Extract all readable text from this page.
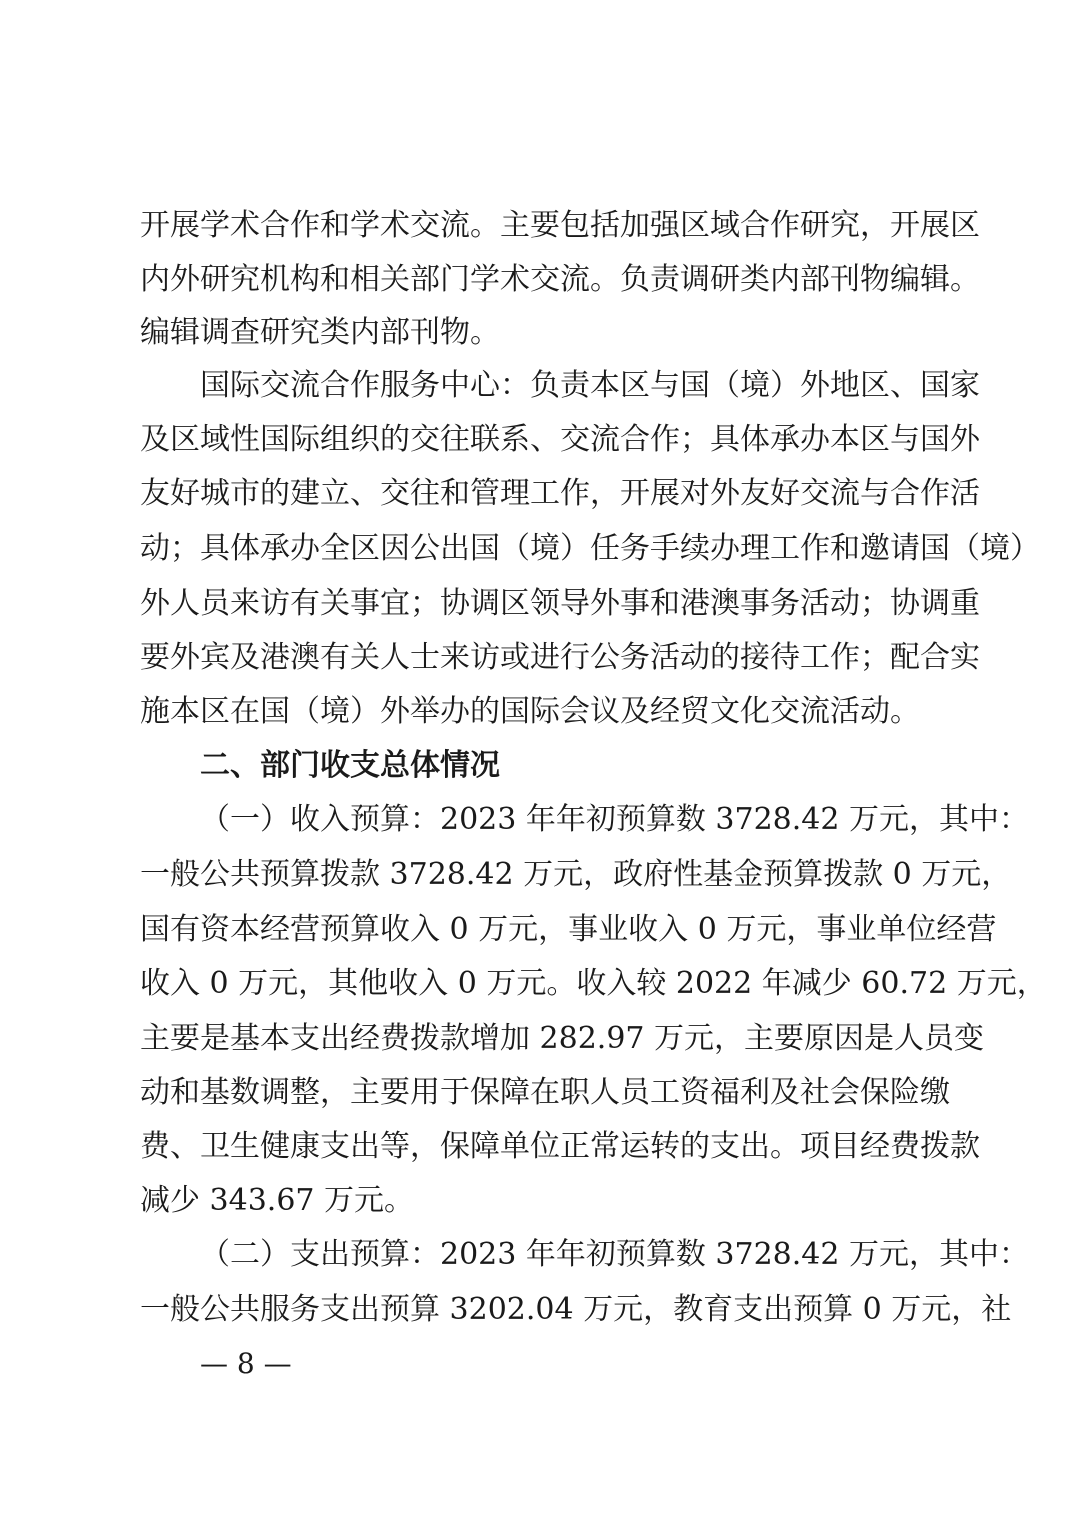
开展学术合作和学术交流。主要包括加强区域合作研究，开展区
内外研究机构和相关部门学术交流。负责调研类内部刊物编辑。
编辑调查研究类内部刊物。
国际交流合作服务中心：负责本区与国（境）外地区、国家
及区域性国际组织的交往联系、交流合作；具体承办本区与国外
友好城市的建立、交往和管理工作，开展对外友好交流与合作活
动；具体承办全区因公出国（境）任务手续办理工作和邀请国（境）
外人员来访有关事宜；协调区领导外事和港澳事务活动；协调重
要外宾及港澳有关人士来访或进行公务活动的接待工作；配合实
施本区在国（境）外举办的国际会议及经贸文化交流活动。
二、部门收支总体情况
（一）收入预算：2023 年年初预算数 3728.42 万元，其中：
一般公共预算拨款 3728.42 万元，政府性基金预算拨款 0 万元，
国有资本经营预算收入 0 万元，事业收入 0 万元，事业单位经营
收入 0 万元，其他收入 0 万元。收入较 2022 年减少 60.72 万元，
主要是基本支出经费拨款增加 282.97 万元，主要原因是人员变
动和基数调整，主要用于保障在职人员工资福利及社会保险缴
费、卫生健康支出等，保障单位正常运转的支出。项目经费拨款
减少 343.67 万元。
（二）支出预算：2023 年年初预算数 3728.42 万元，其中：
一般公共服务支出预算 3202.04 万元，教育支出预算 0 万元，社
— 8 —
